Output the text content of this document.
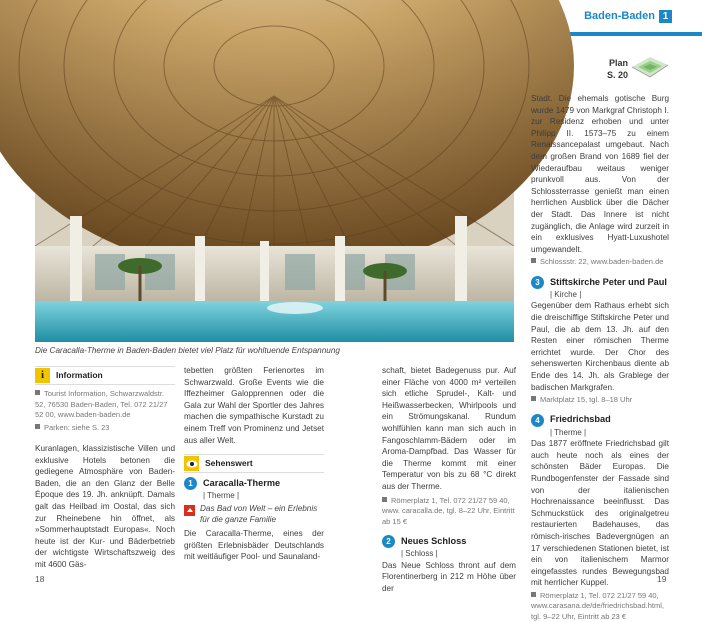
Baden-Baden 1
Plan
S. 20
Die Caracalla-Therme in Baden-Baden bietet viel Platz für wohltuende Entspannung
i	Information

Tourist Information, Schwarzwaldstr. 52, 76530 Baden-Baden, Tel. 072 21/27 52 00, www.baden-baden.de

Parken: siehe S. 23

Kuranlagen, klassizistische Villen und exklusive Hotels betonen die gediegene Atmosphäre von Baden-Baden, die an den Glanz der Belle Époque des 19. Jh. anknüpft. Damals galt das Heilbad im Oostal, das sich zur Rheinebene hin öffnet, als »Sommerhauptstadt Europas«. Noch heute ist der Kur- und Bäderbetrieb der wichtigste Wirtschaftszweig des mit 4600 Gäs-

tebetten größten Ferienortes im Schwarzwald. Große Events wie die Iffezheimer Galopprennen oder die Gala zur Wahl der Sportler des Jahres machen die sympathische Kurstadt zu einem Treff von Prominenz und Jetset aus aller Welt.

Sehenswert
1	Caracalla-Therme
| Therme |
Das Bad von Welt – ein Erlebnis für die ganze Familie

Die Caracalla-Therme, eines der größten Erlebnisbäder Deutschlands mit weitläufiger Pool- und Saunaland-

schaft, bietet Badegenuss pur. Auf einer Fläche von 4000 m² verteilen sich etliche Sprudel-, Kalt- und Heißwasserbecken, Whirlpools und ein Strömungskanal. Rundum wohlfühlen kann man sich auch in Fangoschlamm-Bädern oder im Aroma-Dampfbad. Das Wasser für die Therme kommt mit einer Temperatur von bis zu 68 °C direkt aus der Therme.

Römerplatz 1, Tel. 072 21/27 59 40, www. caracalla.de, tgl. 8–22 Uhr, Eintritt ab 15 €

2	Neues Schloss
| Schloss |

Das Neue Schloss thront auf dem Florentinerberg in 212 m Höhe über der

Stadt. Die ehemals gotische Burg wurde 1479 von Markgraf Christoph I. zur Residenz erhoben und unter Philipp II. 1573–75 zu einem Renaissancepalast umgebaut. Nach dem großen Brand von 1689 fiel der Wiederaufbau weitaus weniger prunkvoll aus. Von der Schlossterrasse genießt man einen herrlichen Ausblick über die Dächer der Stadt. Das Innere ist nicht zugänglich, die Anlage wird zurzeit in ein exklusives Hyatt-Luxushotel umgewandelt.

Schlossstr. 22, www.baden-baden.de

3	Stiftskirche Peter und Paul
| Kirche |

Gegenüber dem Rathaus erhebt sich die dreischiffige Stiftskirche Peter und Paul, die ab dem 13. Jh. auf den Resten einer römischen Therme errichtet wurde. Der Chor des sehenswerten Kirchenbaus diente ab Ende des 14. Jh. als Grablege der badischen Markgrafen.

Marktplatz 15, tgl. 8–18 Uhr

4	Friedrichsbad
| Therme |

Das 1877 eröffnete Friedrichsbad gilt auch heute noch als eines der schönsten Bäder Europas. Die Rundbogenfenster der Fassade sind von der italienischen Hochrenaissance beeinflusst. Das Schmuckstück des originalgetreu restaurierten Badehauses, das römisch-irisches Badevergnügen an 17 verschiedenen Stationen bietet, ist ein von italienischem Marmor eingefasstes rundes Bewegungsbad mit herrlicher Kuppel.

Römerplatz 1, Tel. 072 21/27 59 40, www.carasana.de/de/friedrichsbad.html, tgl. 9–22 Uhr, Eintritt ab 23 €

18	19
